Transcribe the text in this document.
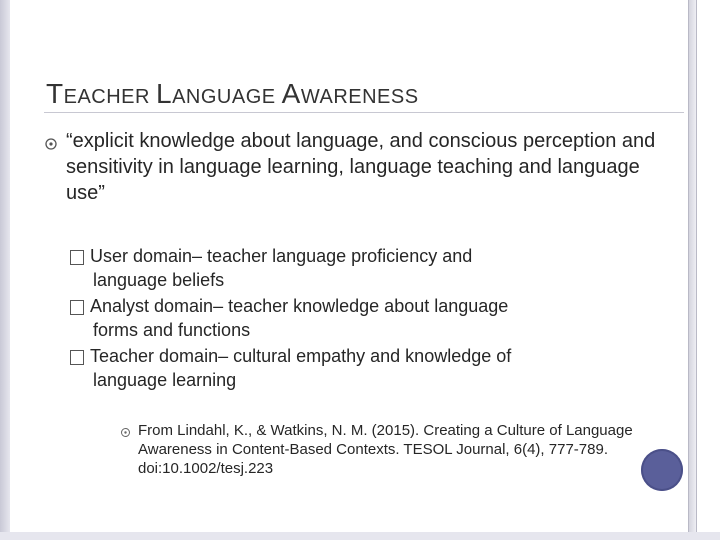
TEACHER LANGUAGE AWARENESS
“explicit knowledge about language, and conscious perception and sensitivity in language learning, language teaching and language use”
User domain– teacher language proficiency and
language beliefs
Analyst domain– teacher knowledge about language
forms and functions
Teacher domain– cultural empathy and knowledge of
language learning
From Lindahl, K., & Watkins, N. M. (2015). Creating a Culture of Language Awareness in Content-Based Contexts. TESOL Journal, 6(4), 777-789. doi:10.1002/tesj.223
